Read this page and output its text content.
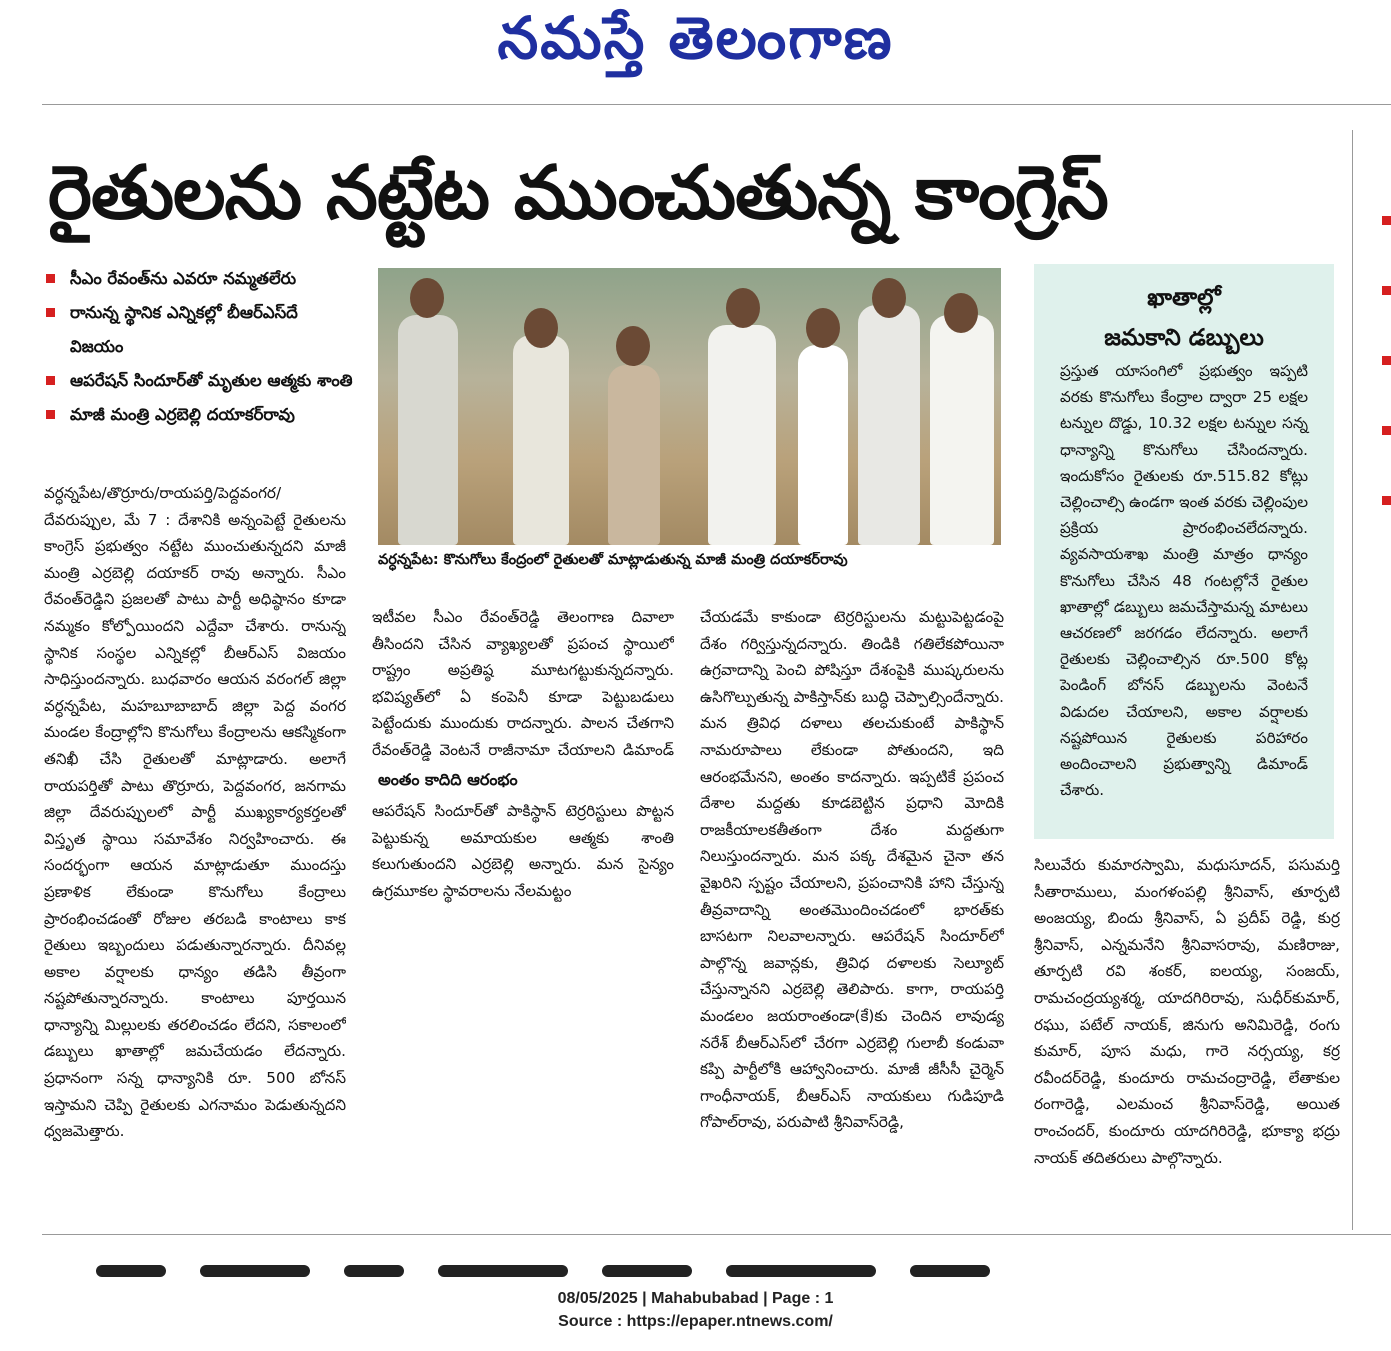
నమస్తే తెలంగాణ
రైతులను నట్టేట ముంచుతున్న కాంగ్రెస్
సీఎం రేవంత్‌ను ఎవరూ నమ్మతలేరు
రానున్న స్థానిక ఎన్నికల్లో బీఆర్ఎస్‌దే విజయం
ఆపరేషన్ సిందూర్‌తో మృతుల ఆత్మకు శాంతి
మాజీ మంత్రి ఎర్రబెల్లి దయాకర్‌రావు

వర్ధన్నపేట/తొర్రూరు/రాయపర్తి/పెద్దవంగర/దేవరుప్పుల, మే 7 : దేశానికి అన్నంపెట్టే రైతులను కాంగ్రెస్ ప్రభుత్వం నట్టేట ముంచుతున్నదని మాజీ మంత్రి ఎర్రబెల్లి దయాకర్ రావు అన్నారు. సీఎం రేవంత్‌రెడ్డిని ప్రజలతో పాటు పార్టీ అధిష్ఠానం కూడా నమ్మకం కోల్పోయిందని ఎద్దేవా చేశారు. రానున్న స్థానిక సంస్థల ఎన్నికల్లో బీఆర్ఎస్ విజయం సాధిస్తుందన్నారు. బుధవారం ఆయన వరంగల్ జిల్లా వర్ధన్నపేట, మహబూబాబాద్ జిల్లా పెద్ద వంగర మండల కేంద్రాల్లోని కొనుగోలు కేంద్రాలను ఆకస్మికంగా తనిఖీ చేసి రైతులతో మాట్లాడారు. అలాగే రాయపర్తితో పాటు తొర్రూరు, పెద్దవంగర, జనగామ జిల్లా దేవరుప్పులలో పార్టీ ముఖ్యకార్యకర్తలతో విస్తృత స్థాయి సమావేశం నిర్వహించారు. ఈ సందర్భంగా ఆయన మాట్లాడుతూ ముందస్తు ప్రణాళిక లేకుండా కొనుగోలు కేంద్రాలు ప్రారంభించడంతో రోజుల తరబడి కాంటాలు కాక రైతులు ఇబ్బందులు పడుతున్నారన్నారు. దీనివల్ల అకాల వర్షాలకు ధాన్యం తడిసి తీవ్రంగా నష్టపోతున్నారన్నారు. కాంటాలు పూర్తయిన ధాన్యాన్ని మిల్లులకు తరలించడం లేదని, సకాలంలో డబ్బులు ఖాతాల్లో జమచేయడం లేదన్నారు. ప్రధానంగా సన్న ధాన్యానికి రూ. 500 బోనస్ ఇస్తామని చెప్పి రైతులకు ఎగనామం పెడుతున్నదని ధ్వజమెత్తారు.

వర్ధన్నపేట: కొనుగోలు కేంద్రంలో రైతులతో మాట్లాడుతున్న మాజీ మంత్రి దయాకర్‌రావు

ఇటీవల సీఎం రేవంత్‌రెడ్డి తెలంగాణ దివాలా తీసిందని చేసిన వ్యాఖ్యలతో ప్రపంచ స్థాయిలో రాష్ట్రం అప్రతిష్ఠ మూటగట్టుకున్నదన్నారు. భవిష్యత్‌లో ఏ కంపెనీ కూడా పెట్టుబడులు పెట్టేందుకు ముందుకు రాదన్నారు. పాలన చేతగాని రేవంత్‌రెడ్డి వెంటనే రాజీనామా చేయాలని డిమాండ్

అంతం కాదిది ఆరంభం

ఆపరేషన్ సిందూర్‌తో పాకిస్థాన్ టెర్రరిస్టులు పొట్టన పెట్టుకున్న అమాయకుల ఆత్మకు శాంతి కలుగుతుందని ఎర్రబెల్లి అన్నారు. మన సైన్యం ఉగ్రమూకల స్థావరాలను నేలమట్టం

చేయడమే కాకుండా టెర్రరిస్టులను మట్టుపెట్టడంపై దేశం గర్విస్తున్నదన్నారు. తిండికి గతిలేకపోయినా ఉగ్రవాదాన్ని పెంచి పోషిస్తూ దేశంపైకి ముష్కరులను ఉసిగొల్పుతున్న పాకిస్తాన్‌కు బుద్ధి చెప్పాల్సిందేన్నారు. మన త్రివిధ దళాలు తలచుకుంటే పాకిస్థాన్ నామరూపాలు లేకుండా పోతుందని, ఇది ఆరంభమేనని, అంతం కాదన్నారు. ఇప్పటికే ప్రపంచ దేశాల మద్దతు కూడబెట్టిన ప్రధాని మోదికి రాజకీయాలకతీతంగా దేశం మద్దతుగా నిలుస్తుందన్నారు. మన పక్క దేశమైన చైనా తన వైఖరిని స్పష్టం చేయాలని, ప్రపంచానికి హాని చేస్తున్న తీవ్రవాదాన్ని అంతమొందించడంలో భారత్‌కు బాసటగా నిలవాలన్నారు. ఆపరేషన్ సిందూర్‌లో పాల్గొన్న జవాన్లకు, త్రివిధ దళాలకు సెల్యూట్ చేస్తున్నానని ఎర్రబెల్లి తెలిపారు. కాగా, రాయపర్తి మండలం జయరాంతండా(కే)కు చెందిన లావుడ్య నరేశ్ బీఆర్ఎస్‌లో చేరగా ఎర్రబెల్లి గులాబీ కండువా కప్పి పార్టీలోకి ఆహ్వానించారు. మాజీ జీసీసీ చైర్మెన్ గాంధీనాయక్, బీఆర్ఎస్ నాయకులు గుడిపూడి గోపాల్‌రావు, పరుపాటి శ్రీనివాస్‌రెడ్డి,

ఖాతాల్లో
జమకాని డబ్బులు

ప్రస్తుత యాసంగిలో ప్రభుత్వం ఇప్పటి వరకు కొనుగోలు కేంద్రాల ద్వారా 25 లక్షల టన్నుల దొడ్డు, 10.32 లక్షల టన్నుల సన్న ధాన్యాన్ని కొనుగోలు చేసిందన్నారు. ఇందుకోసం రైతులకు రూ.515.82 కోట్లు చెల్లించాల్సి ఉండగా ఇంత వరకు చెల్లింపుల ప్రక్రియ ప్రారంభించలేదన్నారు. వ్యవసాయశాఖ మంత్రి మాత్రం ధాన్యం కొనుగోలు చేసిన 48 గంటల్లోనే రైతుల ఖాతాల్లో డబ్బులు జమచేస్తామన్న మాటలు ఆచరణలో జరగడం లేదన్నారు. అలాగే రైతులకు చెల్లించాల్సిన రూ.500 కోట్ల పెండింగ్ బోనస్ డబ్బులను వెంటనే విడుదల చేయాలని, అకాల వర్షాలకు నష్టపోయిన రైతులకు పరిహారం అందించాలని ప్రభుత్వాన్ని డిమాండ్ చేశారు.

సిలువేరు కుమారస్వామి, మధుసూదన్, పసుమర్తి సీతారాములు, మంగళంపల్లి శ్రీనివాస్, తూర్పటి అంజయ్య, బిందు శ్రీనివాస్, ఏ ప్రదీప్ రెడ్డి, కుర్ర శ్రీనివాస్, ఎన్నమనేని శ్రీనివాసరావు, మణిరాజు, తూర్పటి రవి శంకర్, ఐలయ్య, సంజయ్, రామచంద్రయ్యశర్మ, యాదగిరిరావు, సుధీర్‌కుమార్, రఘు, పటేల్ నాయక్, జినుగు అనిమిరెడ్డి, రంగు కుమార్, పూస మధు, గారె నర్సయ్య, కర్ర రవీందర్‌రెడ్డి, కుందూరు రామచంద్రారెడ్డి, లేతాకుల రంగారెడ్డి, ఎలమంచ శ్రీనివాస్‌రెడ్డి, అయిత రాంచందర్, కుందూరు యాదగిరిరెడ్డి, భూక్యా భద్రు నాయక్ తదితరులు పాల్గొన్నారు.

08/05/2025 | Mahabubabad | Page : 1
Source : https://epaper.ntnews.com/
